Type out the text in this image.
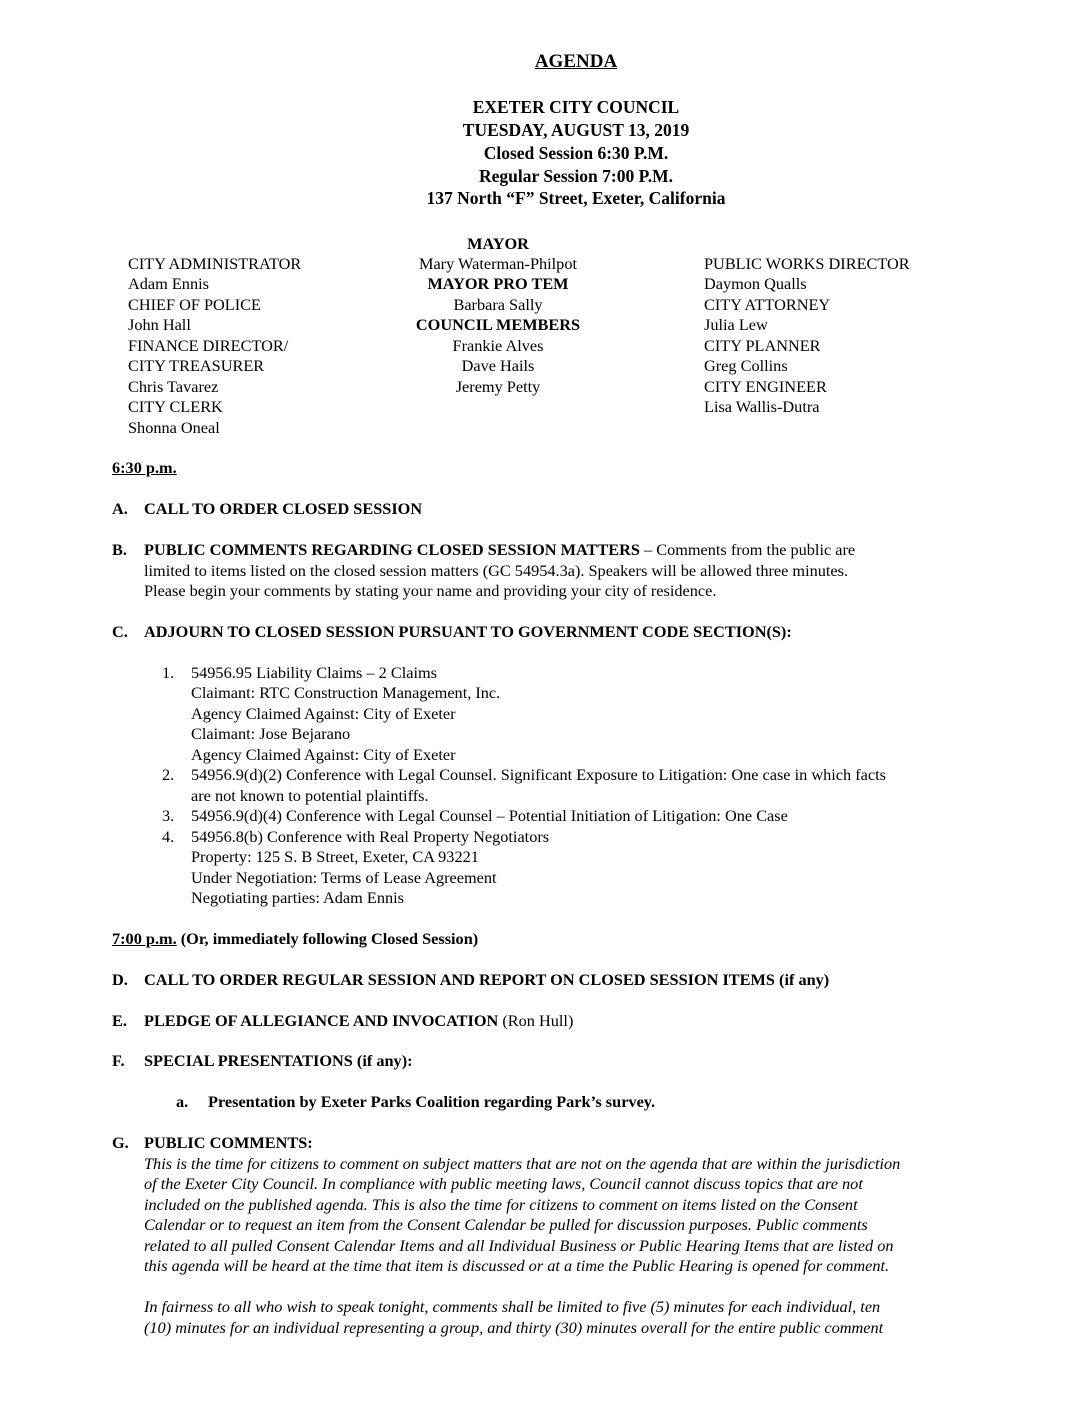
AGENDA
EXETER CITY COUNCIL
TUESDAY, AUGUST 13, 2019
Closed Session 6:30 P.M.
Regular Session 7:00 P.M.
137 North “F” Street, Exeter, California
CITY ADMINISTRATOR
Adam Ennis
CHIEF OF POLICE
John Hall
FINANCE DIRECTOR/
CITY TREASURER
Chris Tavarez
CITY CLERK
Shonna Oneal
MAYOR
Mary Waterman-Philpot
MAYOR PRO TEM
Barbara Sally
COUNCIL MEMBERS
Frankie Alves
Dave Hails
Jeremy Petty
PUBLIC WORKS DIRECTOR
Daymon Qualls
CITY ATTORNEY
Julia Lew
CITY PLANNER
Greg Collins
CITY ENGINEER
Lisa Wallis-Dutra
6:30 p.m.
A. CALL TO ORDER CLOSED SESSION
B.	PUBLIC COMMENTS REGARDING CLOSED SESSION MATTERS – Comments from the public are
limited to items listed on the closed session matters (GC 54954.3a). Speakers will be allowed three minutes.
Please begin your comments by stating your name and providing your city of residence.
C. ADJOURN TO CLOSED SESSION PURSUANT TO GOVERNMENT CODE SECTION(S):
1.	54956.95 Liability Claims – 2 Claims
Claimant: RTC Construction Management, Inc.
Agency Claimed Against: City of Exeter
Claimant: Jose Bejarano
Agency Claimed Against: City of Exeter
2.	54956.9(d)(2) Conference with Legal Counsel. Significant Exposure to Litigation: One case in which facts
are not known to potential plaintiffs.
3.	54956.9(d)(4) Conference with Legal Counsel – Potential Initiation of Litigation: One Case
4.	54956.8(b) Conference with Real Property Negotiators
Property: 125 S. B Street, Exeter, CA 93221
Under Negotiation: Terms of Lease Agreement
Negotiating parties: Adam Ennis
7:00 p.m. (Or, immediately following Closed Session)
D. CALL TO ORDER REGULAR SESSION AND REPORT ON CLOSED SESSION ITEMS (if any)
E.	PLEDGE OF ALLEGIANCE AND INVOCATION (Ron Hull)
F.	SPECIAL PRESENTATIONS (if any):
a. Presentation by Exeter Parks Coalition regarding Park’s survey.
G. PUBLIC COMMENTS:
This is the time for citizens to comment on subject matters that are not on the agenda that are within the jurisdiction
of the Exeter City Council. In compliance with public meeting laws, Council cannot discuss topics that are not
included on the published agenda. This is also the time for citizens to comment on items listed on the Consent
Calendar or to request an item from the Consent Calendar be pulled for discussion purposes. Public comments
related to all pulled Consent Calendar Items and all Individual Business or Public Hearing Items that are listed on
this agenda will be heard at the time that item is discussed or at a time the Public Hearing is opened for comment.
In fairness to all who wish to speak tonight, comments shall be limited to five (5) minutes for each individual, ten
(10) minutes for an individual representing a group, and thirty (30) minutes overall for the entire public comment
